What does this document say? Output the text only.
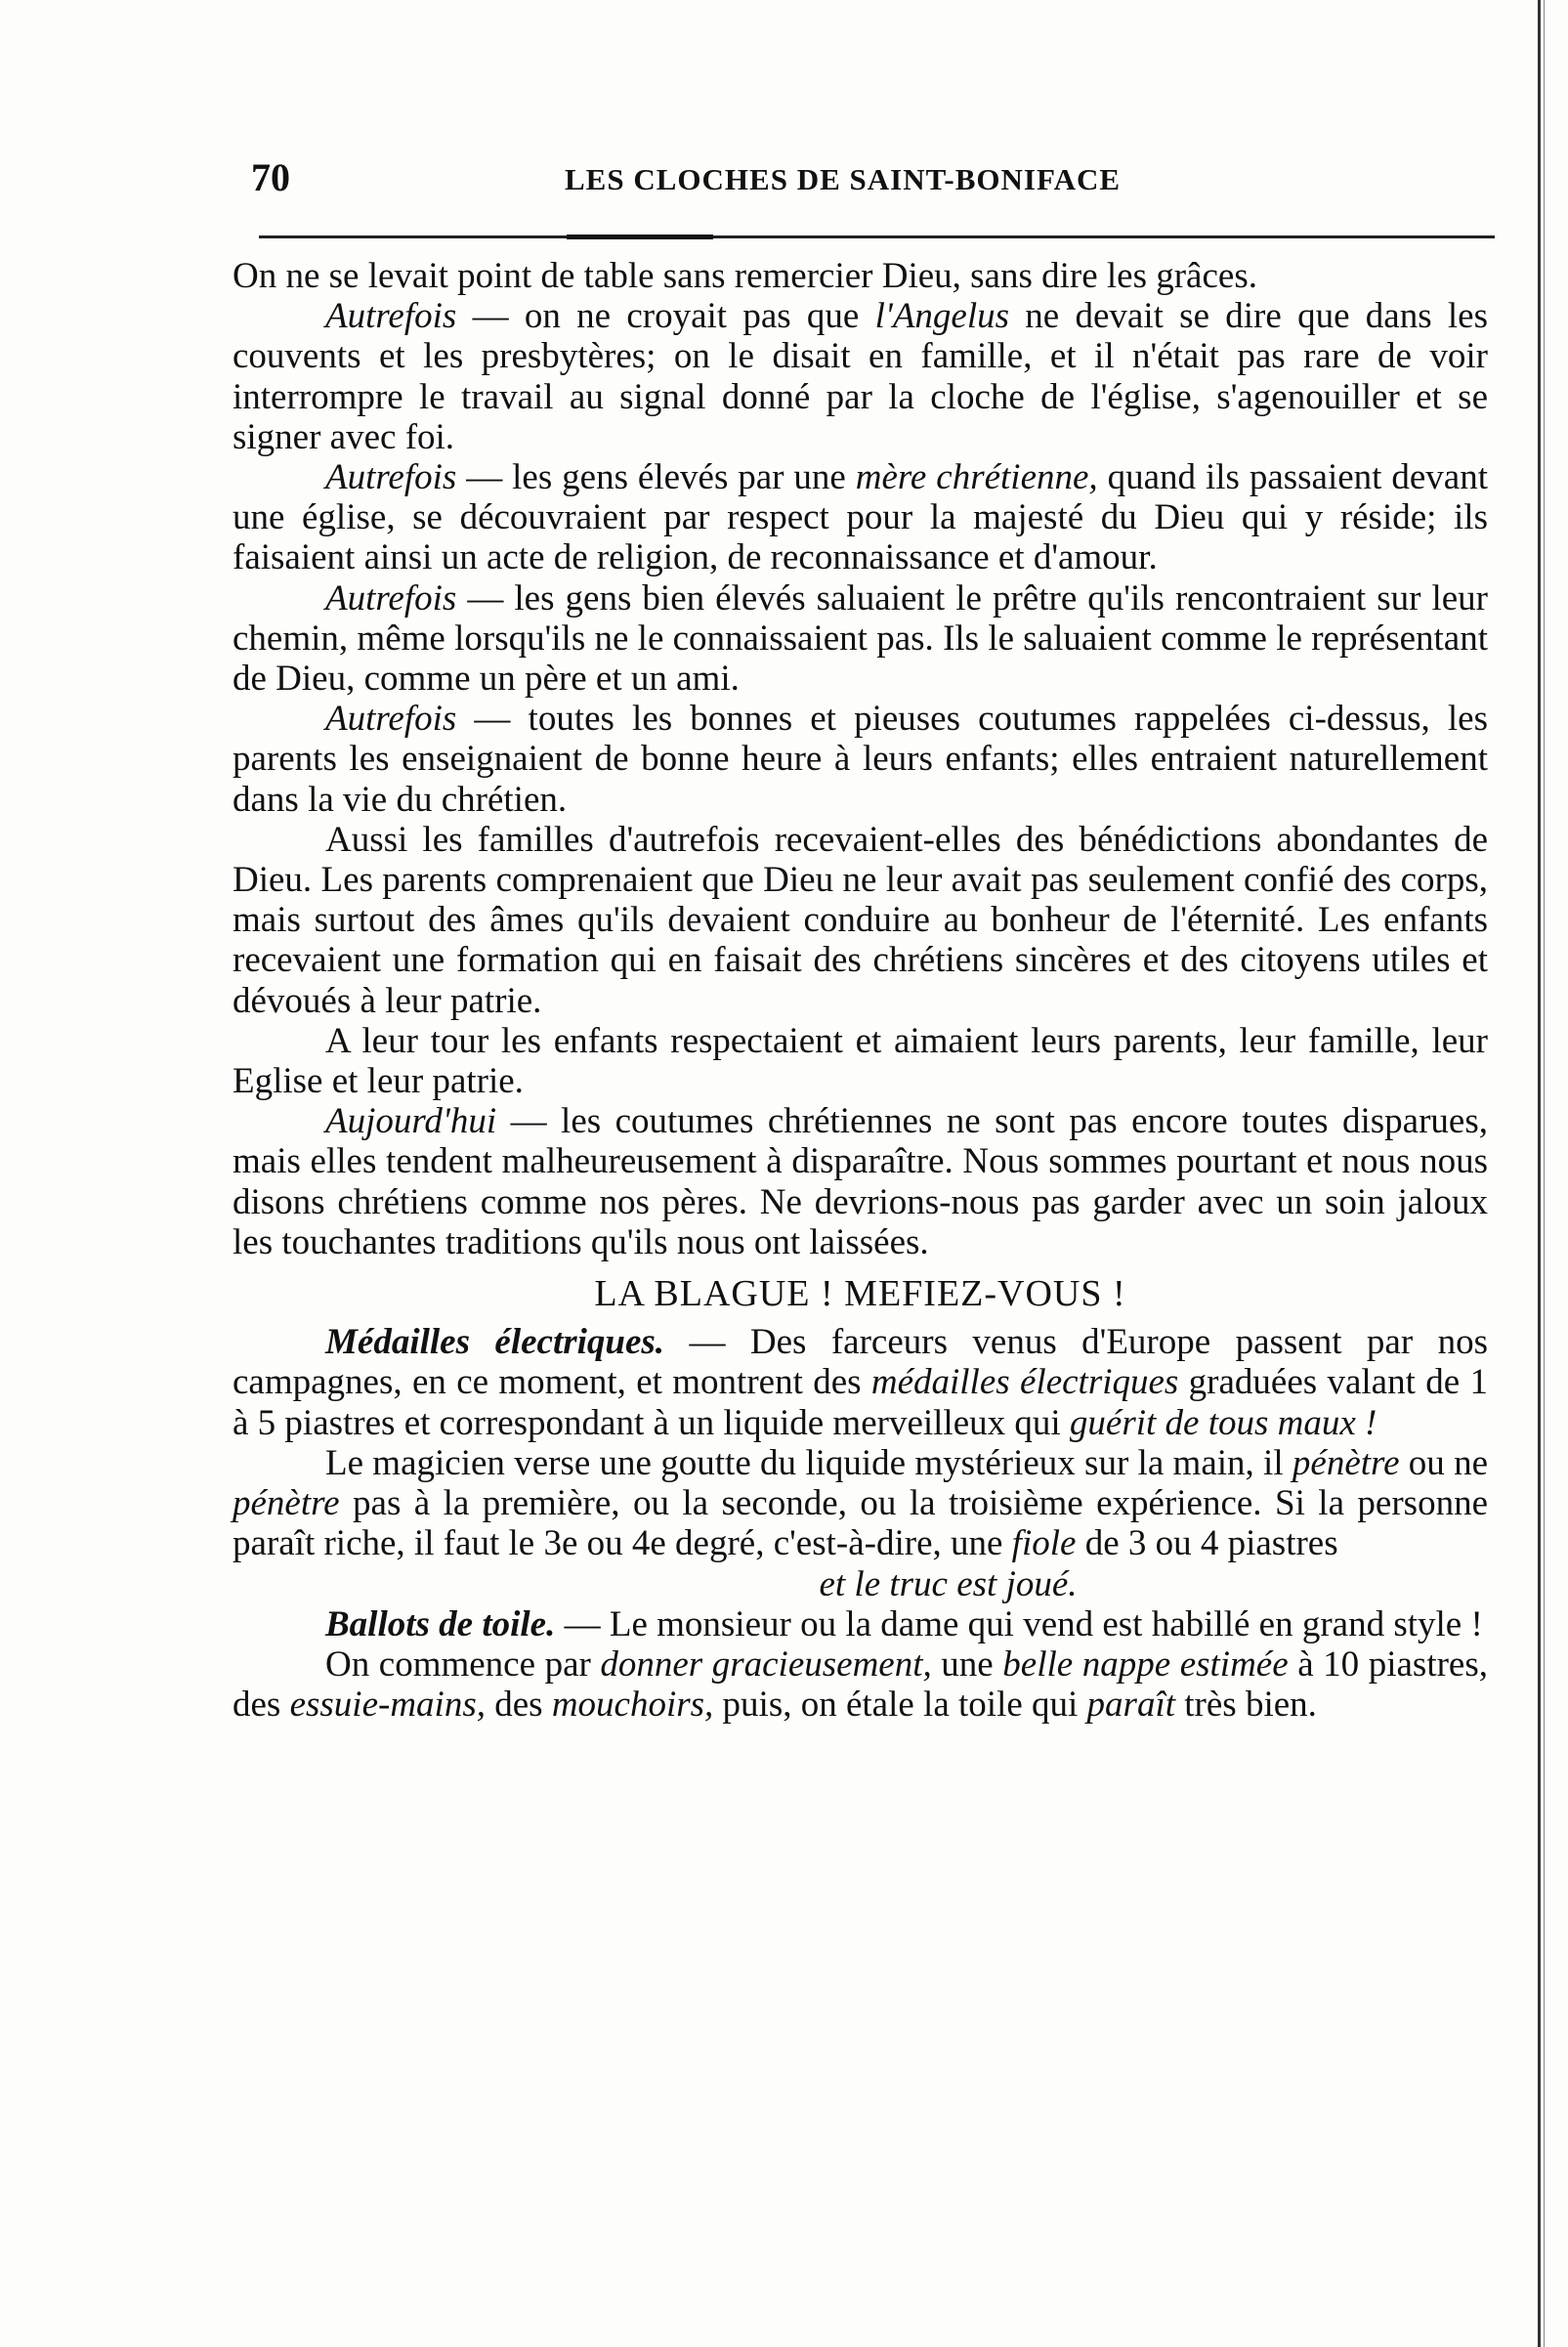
70	LES CLOCHES DE SAINT-BONIFACE

On ne se levait point de table sans remercier Dieu, sans dire les grâces.

Autrefois — on ne croyait pas que l'Angelus ne devait se dire que dans les couvents et les presbytères; on le disait en famille, et il n'était pas rare de voir interrompre le travail au signal donné par la cloche de l'église, s'agenouiller et se signer avec foi.

Autrefois — les gens élevés par une mère chrétienne, quand ils passaient devant une église, se découvraient par respect pour la majesté du Dieu qui y réside; ils faisaient ainsi un acte de religion, de reconnaissance et d'amour.

Autrefois — les gens bien élevés saluaient le prêtre qu'ils rencontraient sur leur chemin, même lorsqu'ils ne le connaissaient pas. Ils le saluaient comme le représentant de Dieu, comme un père et un ami.

Autrefois — toutes les bonnes et pieuses coutumes rappelées ci-dessus, les parents les enseignaient de bonne heure à leurs enfants; elles entraient naturellement dans la vie du chrétien.

Aussi les familles d'autrefois recevaient-elles des bénédictions abondantes de Dieu. Les parents comprenaient que Dieu ne leur avait pas seulement confié des corps, mais surtout des âmes qu'ils devaient conduire au bonheur de l'éternité. Les enfants recevaient une formation qui en faisait des chrétiens sincères et des citoyens utiles et dévoués à leur patrie.

A leur tour les enfants respectaient et aimaient leurs parents, leur famille, leur Eglise et leur patrie.

Aujourd'hui — les coutumes chrétiennes ne sont pas encore toutes disparues, mais elles tendent malheureusement à disparaître. Nous sommes pourtant et nous nous disons chrétiens comme nos pères. Ne devrions-nous pas garder avec un soin jaloux les touchantes traditions qu'ils nous ont laissées.

LA BLAGUE ! MEFIEZ-VOUS !

Médailles électriques. — Des farceurs venus d'Europe passent par nos campagnes, en ce moment, et montrent des médailles électriques graduées valant de 1 à 5 piastres et correspondant à un liquide merveilleux qui guérit de tous maux !

Le magicien verse une goutte du liquide mystérieux sur la main, il pénètre ou ne pénètre pas à la première, ou la seconde, ou la troisième expérience. Si la personne paraît riche, il faut le 3e ou 4e degré, c'est-à-dire, une fiole de 3 ou 4 piastres

et le truc est joué.

Ballots de toile. — Le monsieur ou la dame qui vend est habillé en grand style !

On commence par donner gracieusement, une belle nappe estimée à 10 piastres, des essuie-mains, des mouchoirs, puis, on étale la toile qui paraît très bien.
